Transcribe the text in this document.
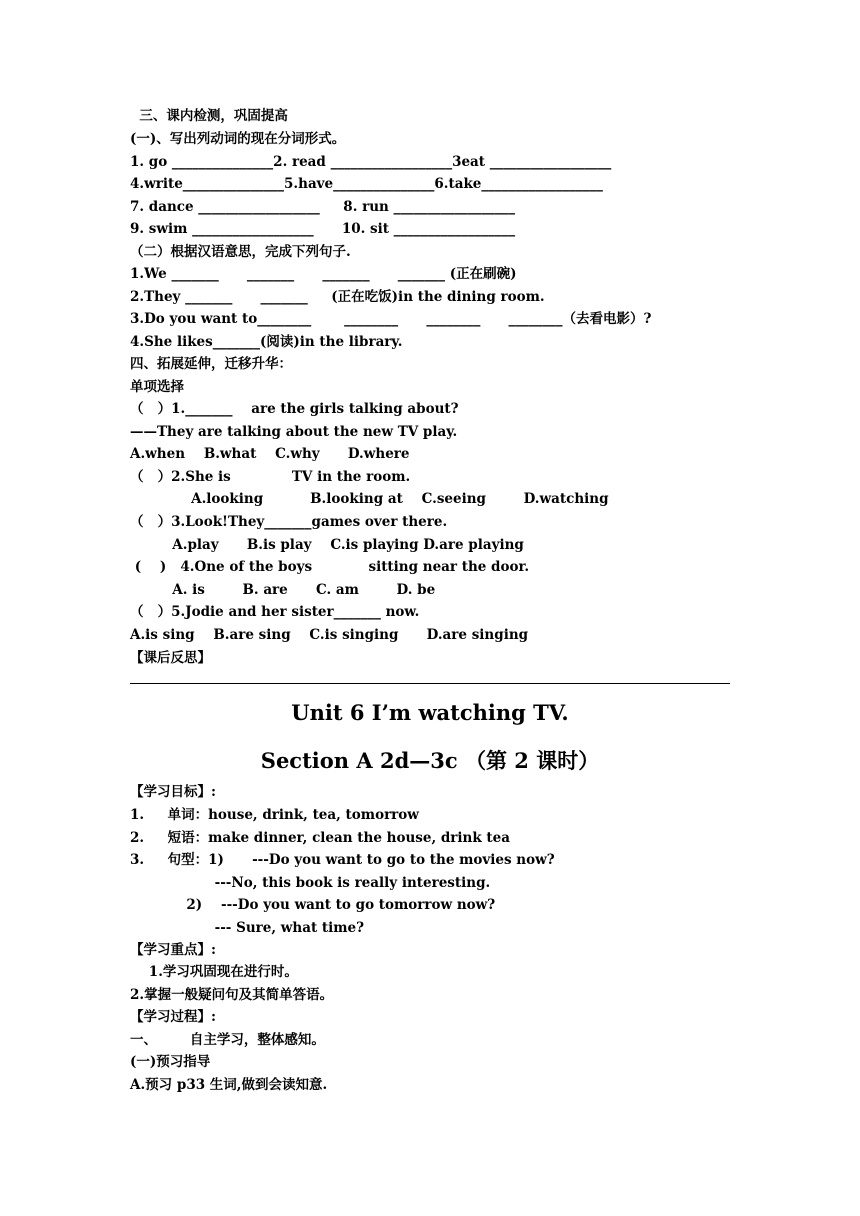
三、课内检测，巩固提高
(一)、写出列动词的现在分词形式。
1. go _______________2. read __________________3eat __________________
4.write_______________5.have_______________6.take__________________
7. dance __________________     8. run __________________
9. swim __________________      10. sit __________________
（二）根据汉语意思，完成下列句子.
1.We _______      _______      _______      _______ (正在刷碗)
2.They _______      _______     (正在吃饭)in the dining room.
3.Do you want to________       ________      ________      ________（去看电影）?
4.She likes_______(阅读)in the library.
四、拓展延伸，迁移升华：
单项选择
（   ）1._______    are the girls talking about?
——They are talking about the new TV play.
A.when    B.what    C.why      D.where
（   ）2.She is             TV in the room.
A.looking          B.looking at    C.seeing        D.watching
（   ）3.Look!They_______games over there.
A.play      B.is play    C.is playing D.are playing
(    )   4.One of the boys            sitting near the door.
A. is        B. are      C. am        D. be
（   ）5.Jodie and her sister_______ now.
A.is sing    B.are sing    C.is singing      D.are singing
【课后反思】
Unit 6 I’m watching TV.
Section A 2d—3c （第 2 课时）
【学习目标】:
1.     单词：house, drink, tea, tomorrow
2.     短语：make dinner, clean the house, drink tea
3.     句型：1)      ---Do you want to go to the movies now?
---No, this book is really interesting.
2)    ---Do you want to go tomorrow now?
--- Sure, what time?
【学习重点】:
1.学习巩固现在进行时。
2.掌握一般疑问句及其简单答语。
【学习过程】:
一、       自主学习，整体感知。
(一)预习指导
A.预习 p33 生词,做到会读知意.
